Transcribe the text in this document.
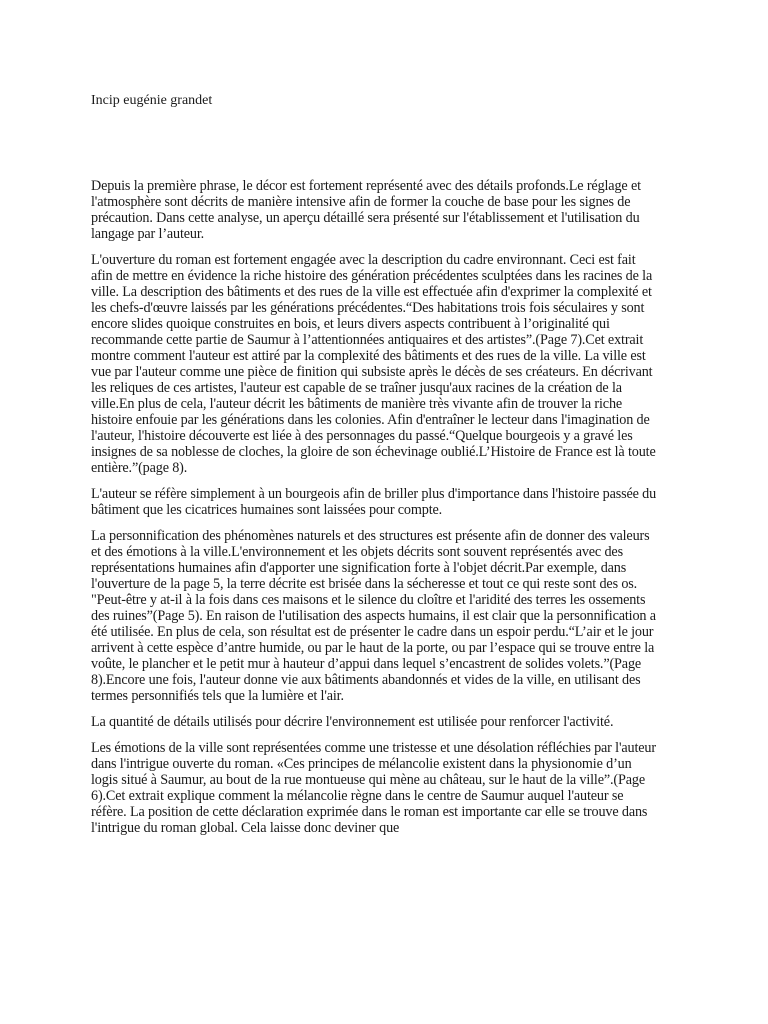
Incip eugénie grandet

Depuis la première phrase, le décor est fortement représenté avec des détails profonds.Le réglage et l'atmosphère sont décrits de manière intensive afin de former la couche de base pour les signes de précaution. Dans cette analyse, un aperçu détaillé sera présenté sur l'établissement et l'utilisation du langage par l’auteur.

L'ouverture du roman est fortement engagée avec la description du cadre environnant. Ceci est fait afin de mettre en évidence la riche histoire des génération précédentes sculptées dans les racines de la ville. La description des bâtiments et des rues de la ville est effectuée afin d'exprimer la complexité et les chefs-d'œuvre laissés par les générations précédentes.“Des habitations trois fois séculaires y sont encore slides quoique construites en bois, et leurs divers aspects contribuent à l’originalité qui recommande cette partie de Saumur à l’attentionnées antiquaires et des artistes”.(Page 7).Cet extrait montre comment l'auteur est attiré par la complexité des bâtiments et des rues de la ville. La ville est vue par l'auteur comme une pièce de finition qui subsiste après le décès de ses créateurs. En décrivant les reliques de ces artistes, l'auteur est capable de se traîner jusqu'aux racines de la création de la ville.En plus de cela, l'auteur décrit les bâtiments de manière très vivante afin de trouver la riche histoire enfouie par les générations dans les colonies. Afin d'entraîner le lecteur dans l'imagination de l'auteur, l'histoire découverte est liée à des personnages du passé.“Quelque bourgeois y a gravé les insignes de sa noblesse de cloches, la gloire de son échevinage oublié.L’Histoire de France est là toute entière.”(page 8).

L'auteur se réfère simplement à un bourgeois afin de briller plus d'importance dans l'histoire passée du bâtiment que les cicatrices humaines sont laissées pour compte.

La personnification des phénomènes naturels et des structures est présente afin de donner des valeurs et des émotions à la ville.L'environnement et les objets décrits sont souvent représentés avec des représentations humaines afin d'apporter une signification forte à l'objet décrit.Par exemple, dans l'ouverture de la page 5, la terre décrite est brisée dans la sécheresse et tout ce qui reste sont des os. "Peut-être y at-il à la fois dans ces maisons et le silence du cloître et l'aridité des terres les ossements des ruines”(Page 5). En raison de l'utilisation des aspects humains, il est clair que la personnification a été utilisée. En plus de cela, son résultat est de présenter le cadre dans un espoir perdu.“L’air et le jour arrivent à cette espèce d’antre humide, ou par le haut de la porte, ou par l’espace qui se trouve entre la voûte, le plancher et le petit mur à hauteur d’appui dans lequel s’encastrent de solides volets.”(Page 8).Encore une fois, l'auteur donne vie aux bâtiments abandonnés et vides de la ville, en utilisant des termes personnifiés tels que la lumière et l'air.

La quantité de détails utilisés pour décrire l'environnement est utilisée pour renforcer l'activité.

Les émotions de la ville sont représentées comme une tristesse et une désolation réfléchies par l'auteur dans l'intrigue ouverte du roman. «Ces principes de mélancolie existent dans la physionomie d’un logis situé à Saumur, au bout de la rue montueuse qui mène au château, sur le haut de la ville”.(Page 6).Cet extrait explique comment la mélancolie règne dans le centre de Saumur auquel l'auteur se réfère. La position de cette déclaration exprimée dans le roman est importante car elle se trouve dans l'intrigue du roman global. Cela laisse donc deviner que
